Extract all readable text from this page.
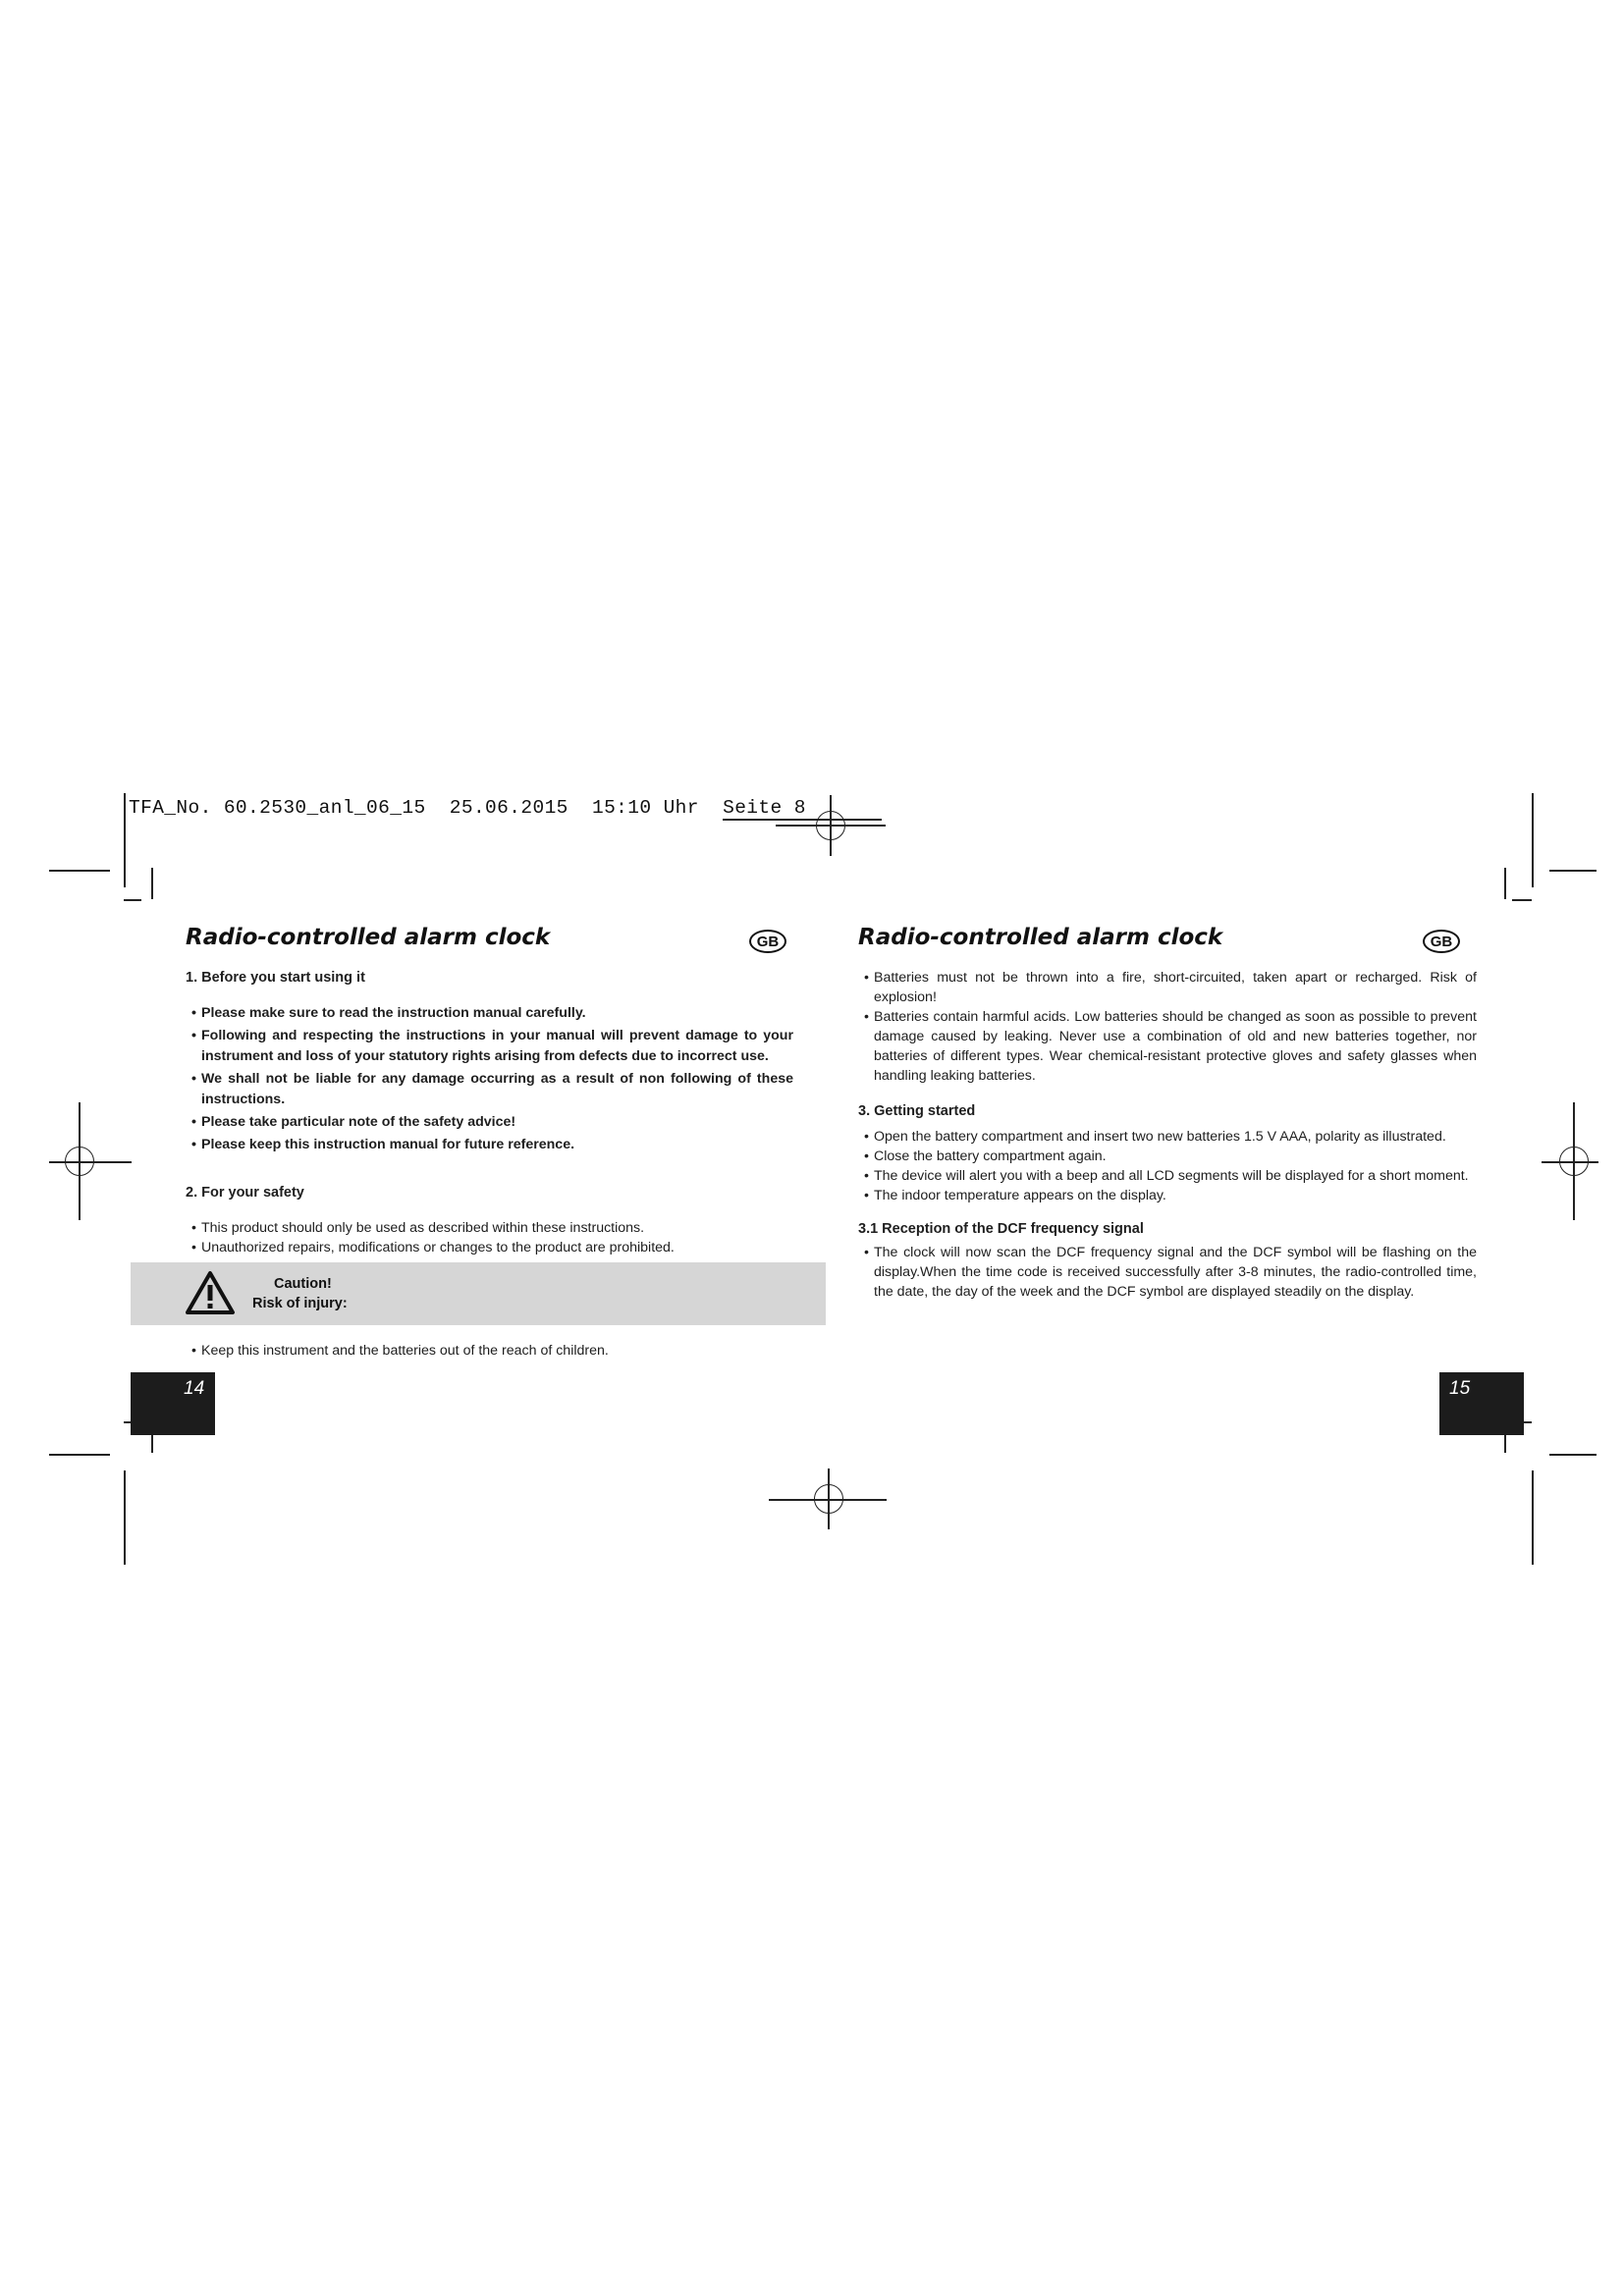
TFA_No. 60.2530_anl_06_15  25.06.2015  15:10 Uhr  Seite 8
Radio-controlled alarm clock	GB

1. Before you start using it

• Please make sure to read the instruction manual carefully.

• Following and respecting the instructions in your manual will prevent damage to your instrument and loss of your statutory rights arising from defects due to incorrect use.

• We shall not be liable for any damage occurring as a result of non following of these instructions.

• Please take particular note of the safety advice!

• Please keep this instruction manual for future reference.

2. For your safety

• This product should only be used as described within these instructions.

• Unauthorized repairs, modifications or changes to the product are prohibited.

Caution!
Risk of injury:

• Keep this instrument and the batteries out of the reach of children.

14
Radio-controlled alarm clock	GB

• Batteries must not be thrown into a fire, short-circuited, taken apart or recharged. Risk of explosion!

• Batteries contain harmful acids. Low batteries should be changed as soon as possible to prevent damage caused by leaking. Never use a combination of old and new batteries together, nor batteries of different types. Wear chemical-resistant protective gloves and safety glasses when handling leaking batteries.

3. Getting started

• Open the battery compartment and insert two new batteries 1.5 V AAA, polarity as illustrated.

• Close the battery compartment again.

• The device will alert you with a beep and all LCD segments will be displayed for a short moment.

• The indoor temperature appears on the display.

3.1 Reception of the DCF frequency signal

• The clock will now scan the DCF frequency signal and the DCF symbol will be flashing on the display.When the time code is received successfully after 3-8 minutes, the radio-controlled time, the date, the day of the week and the DCF symbol are displayed steadily on the display.

15
